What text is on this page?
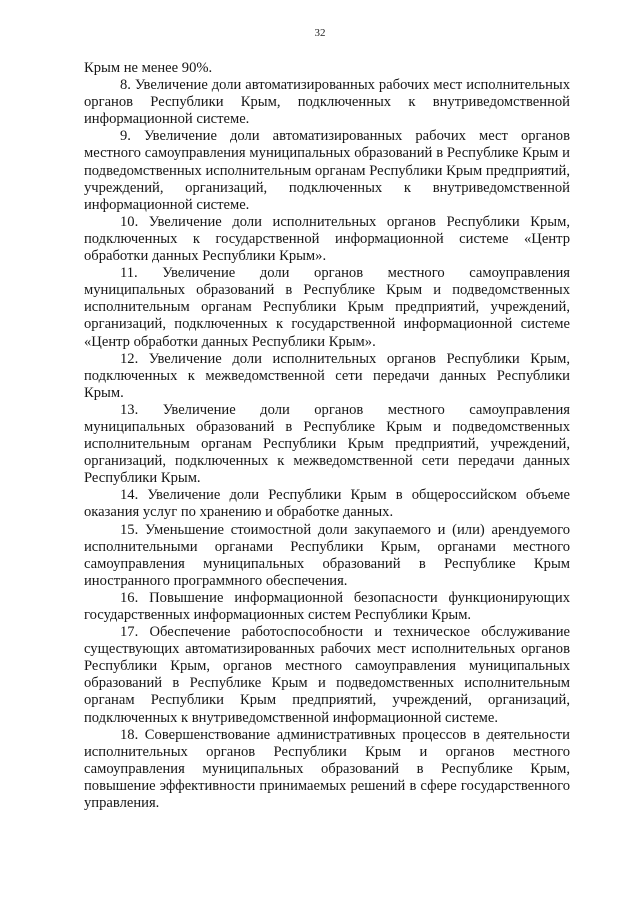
32

Крым не менее 90%.

8. Увеличение доли автоматизированных рабочих мест исполнительных органов Республики Крым, подключенных к внутриведомственной информационной системе.

9. Увеличение доли автоматизированных рабочих мест органов местного самоуправления муниципальных образований в Республике Крым и подведомственных исполнительным органам Республики Крым предприятий, учреждений, организаций, подключенных к внутриведомственной информационной системе.

10. Увеличение доли исполнительных органов Республики Крым, подключенных к государственной информационной системе «Центр обработки данных Республики Крым».

11. Увеличение доли органов местного самоуправления муниципальных образований в Республике Крым и подведомственных исполнительным органам Республики Крым предприятий, учреждений, организаций, подключенных к государственной информационной системе «Центр обработки данных Республики Крым».

12. Увеличение доли исполнительных органов Республики Крым, подключенных к межведомственной сети передачи данных Республики Крым.

13. Увеличение доли органов местного самоуправления муниципальных образований в Республике Крым и подведомственных исполнительным органам Республики Крым предприятий, учреждений, организаций, подключенных к межведомственной сети передачи данных Республики Крым.

14. Увеличение доли Республики Крым в общероссийском объеме оказания услуг по хранению и обработке данных.

15. Уменьшение стоимостной доли закупаемого и (или) арендуемого исполнительными органами Республики Крым, органами местного самоуправления муниципальных образований в Республике Крым иностранного программного обеспечения.

16. Повышение информационной безопасности функционирующих государственных информационных систем Республики Крым.

17. Обеспечение работоспособности и техническое обслуживание существующих автоматизированных рабочих мест исполнительных органов Республики Крым, органов местного самоуправления муниципальных образований в Республике Крым и подведомственных исполнительным органам Республики Крым предприятий, учреждений, организаций, подключенных к внутриведомственной информационной системе.

18. Совершенствование административных процессов в деятельности исполнительных органов Республики Крым и органов местного самоуправления муниципальных образований в Республике Крым, повышение эффективности принимаемых решений в сфере государственного управления.
